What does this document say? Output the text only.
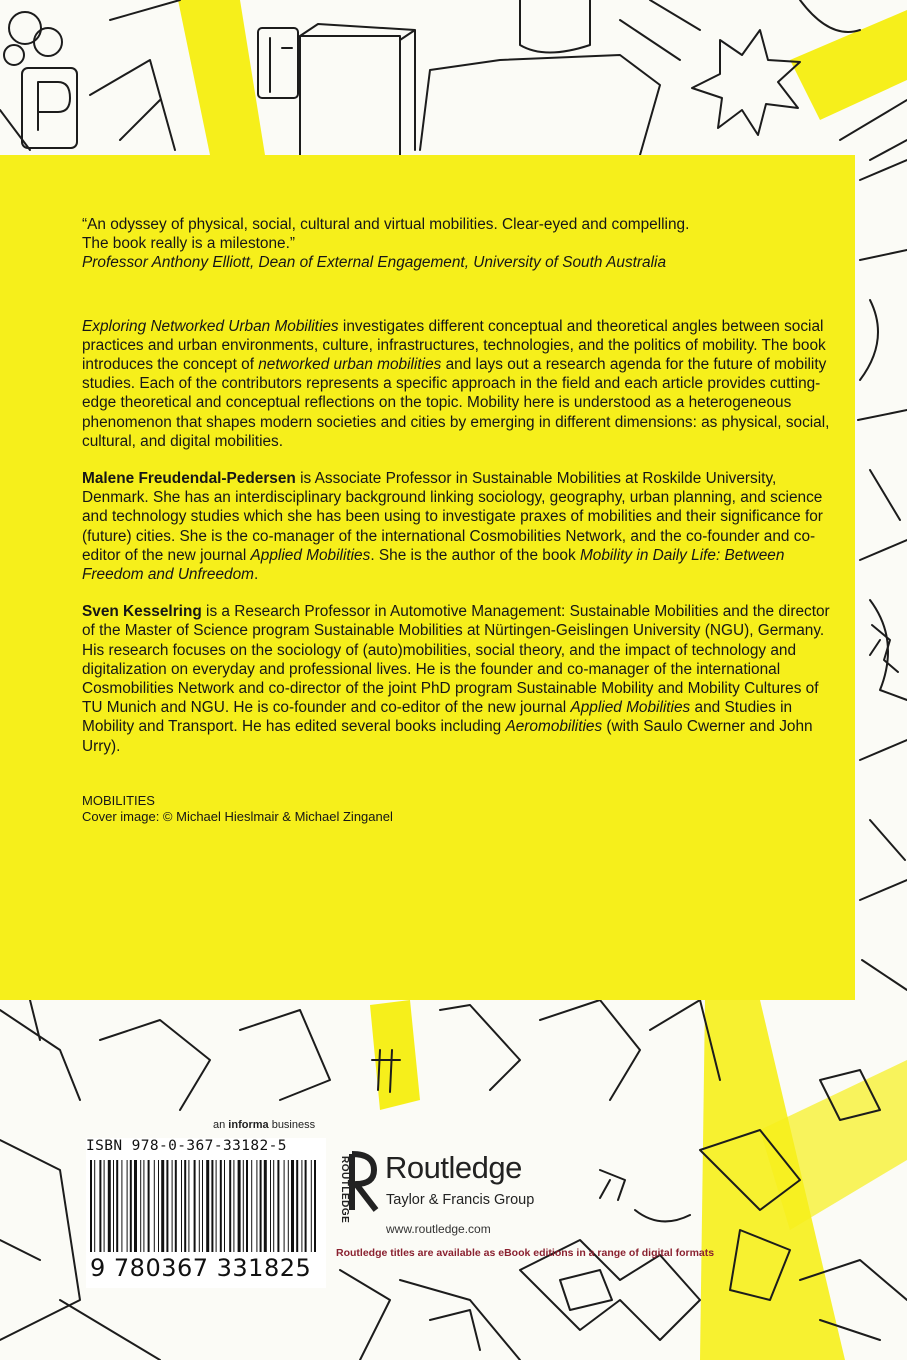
“An odyssey of physical, social, cultural and virtual mobilities. Clear-eyed and compelling.

The book really is a milestone.”

Professor Anthony Elliott, Dean of External Engagement, University of South Australia

Exploring Networked Urban Mobilities investigates different conceptual and theoretical angles between social practices and urban environments, culture, infrastructures, technologies, and the politics of mobility. The book introduces the concept of networked urban mobilities and lays out a research agenda for the future of mobility studies. Each of the contributors represents a specific approach in the field and each article provides cutting-edge theoretical and conceptual reflections on the topic. Mobility here is understood as a heterogeneous phenomenon that shapes modern societies and cities by emerging in different dimensions: as physical, social, cultural, and digital mobilities.

Malene Freudendal-Pedersen is Associate Professor in Sustainable Mobilities at Roskilde University, Denmark. She has an interdisciplinary background linking sociology, geography, urban planning, and science and technology studies which she has been using to investigate praxes of mobilities and their significance for (future) cities. She is the co-manager of the international Cosmobilities Network, and the co-founder and co-editor of the new journal Applied Mobilities. She is the author of the book Mobility in Daily Life: Between Freedom and Unfreedom.

Sven Kesselring is a Research Professor in Automotive Management: Sustainable Mobilities and the director of the Master of Science program Sustainable Mobilities at Nürtingen-Geislingen University (NGU), Germany. His research focuses on the sociology of (auto)mobilities, social theory, and the impact of technology and digitalization on everyday and professional lives. He is the founder and co-manager of the international Cosmobilities Network and co-director of the joint PhD program Sustainable Mobility and Mobility Cultures of TU Munich and NGU. He is co-founder and co-editor of the new journal Applied Mobilities and Studies in Mobility and Transport. He has edited several books including Aeromobilities (with Saulo Cwerner and John Urry).

MOBILITIES
Cover image: © Michael Hieslmair & Michael Zinganel
an informa business
ISBN 978-0-367-33182-5
9 780367 331825
ROUTLEDGE Routledge
Taylor & Francis Group
www.routledge.com
Routledge titles are available as eBook editions in a range of digital formats
